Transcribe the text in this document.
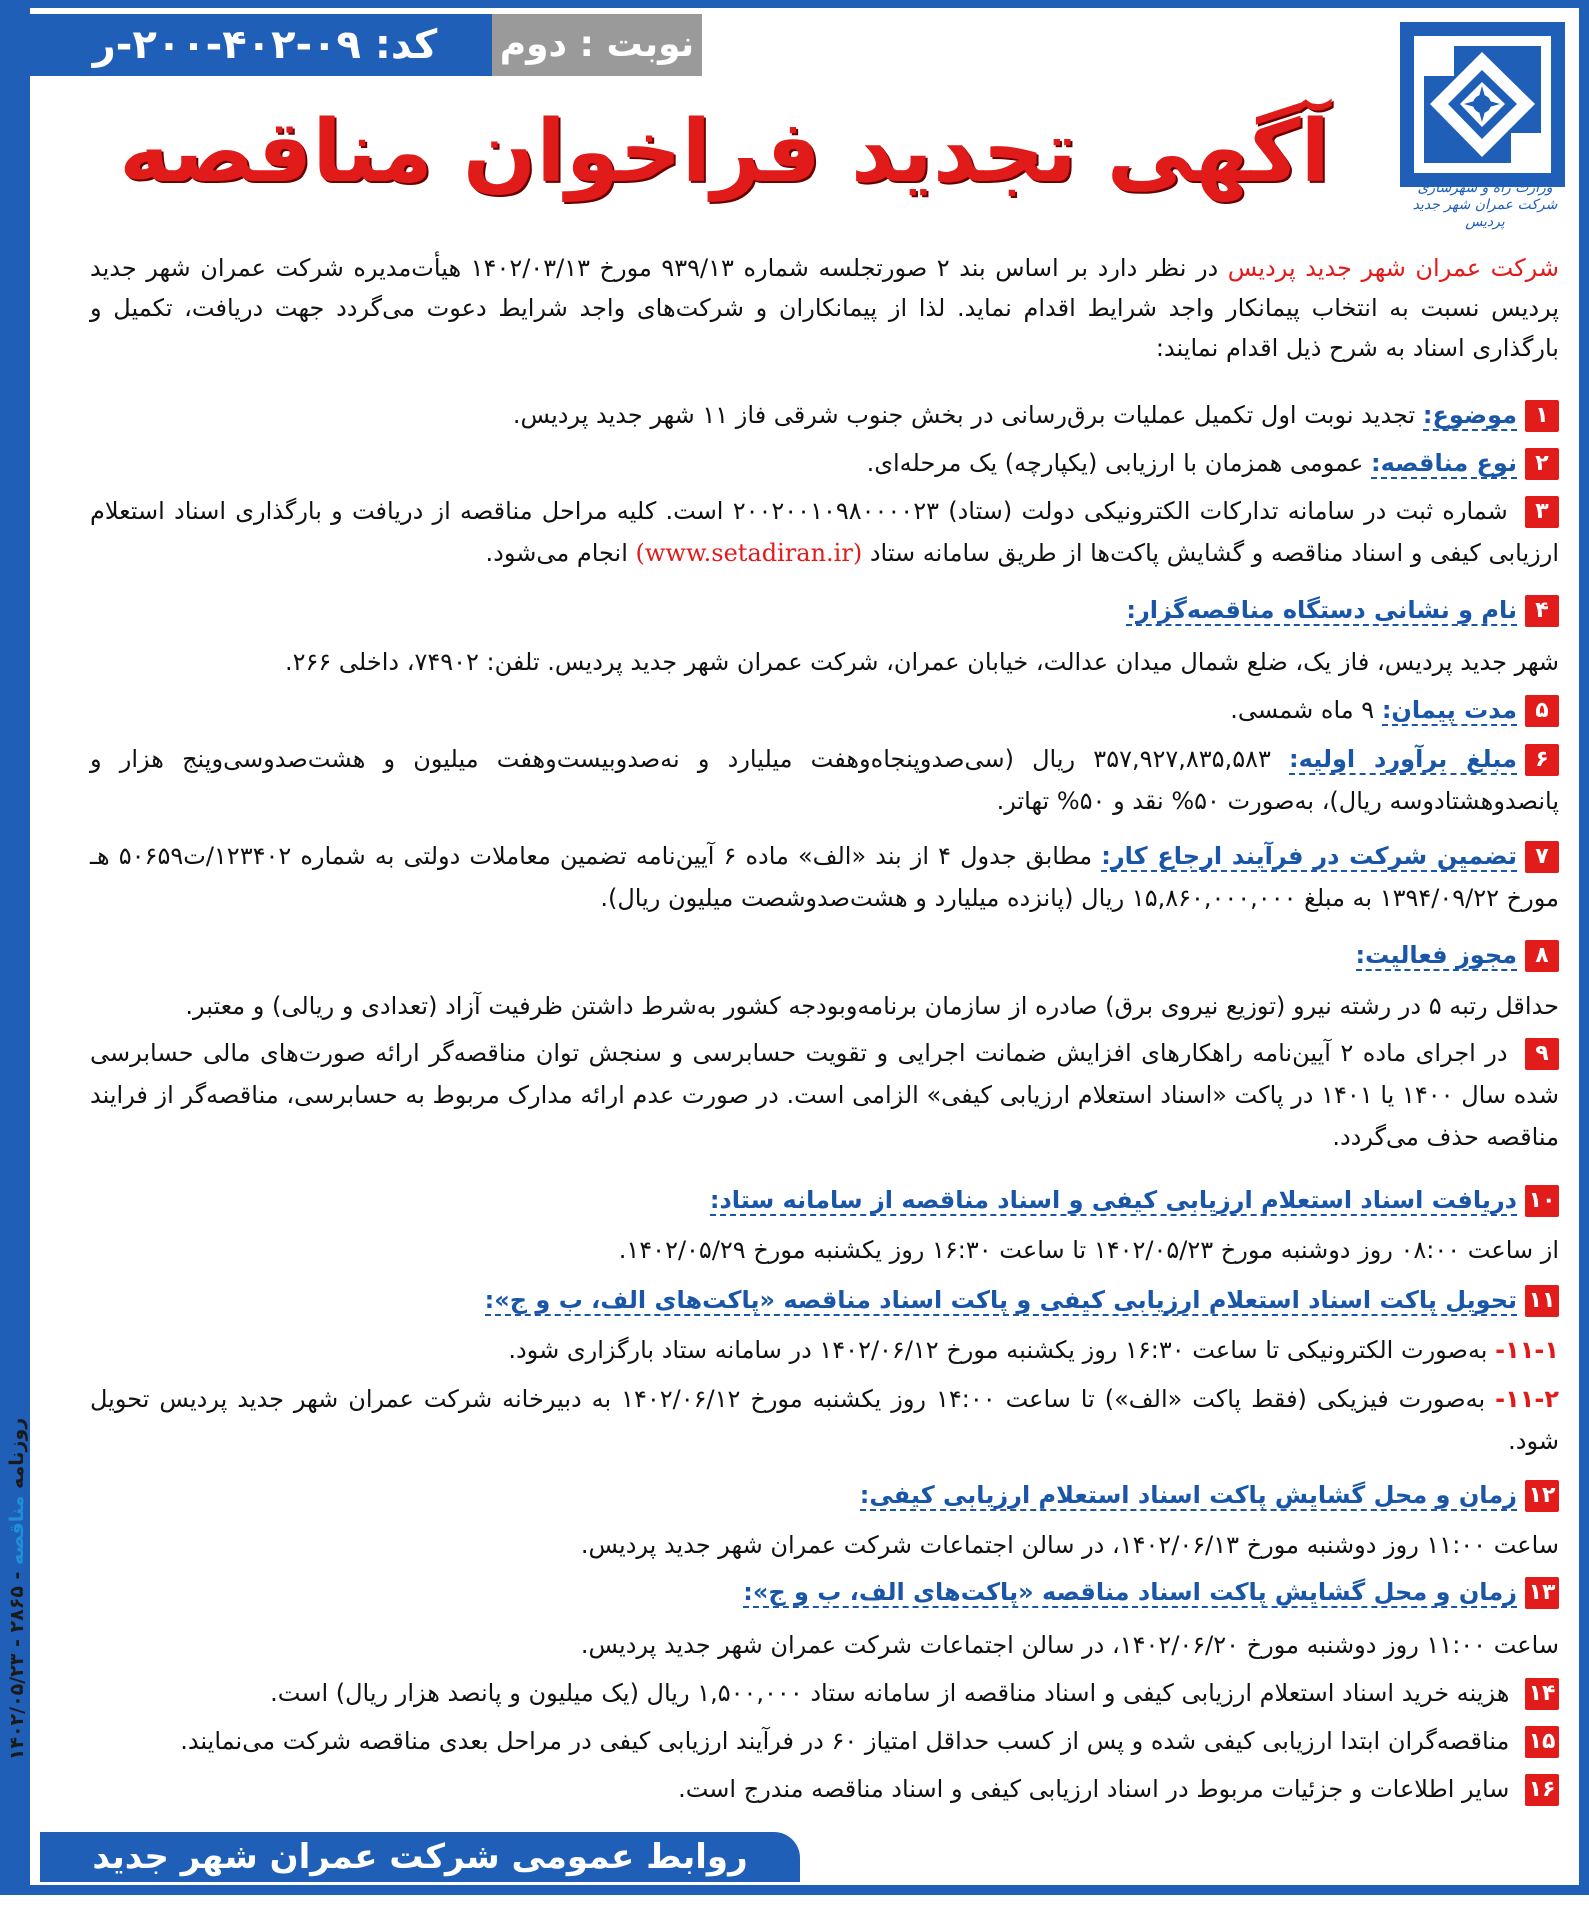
روزنامه مناقصه - ۲۸۶۵ - ۱۴۰۲/۰۵/۲۳
کد: ۰۹-۴۰۲-۲۰۰-ر	نوبت : دوم
وزارت راه و شهرسازی
شرکت عمران شهر جدید پردیس
آگهی تجدید فراخوان مناقصه
شرکت عمران شهر جدید پردیس در نظر دارد بر اساس بند ۲ صورتجلسه شماره ۹۳۹/۱۳ مورخ ۱۴۰۲/۰۳/۱۳ هیأت‌مدیره شرکت عمران شهر جدید پردیس نسبت به انتخاب پیمانکار واجد شرایط اقدام نماید. لذا از پیمانکاران و شرکت‌های واجد شرایط دعوت می‌گردد جهت دریافت، تکمیل و بارگذاری اسناد به شرح ذیل اقدام نمایند:
۱موضوع: تجدید نوبت اول تکمیل عملیات برق‌رسانی در بخش جنوب شرقی فاز ۱۱ شهر جدید پردیس.
۲نوع مناقصه: عمومی همزمان با ارزیابی (یکپارچه) یک مرحله‌ای.
۳ شماره ثبت در سامانه تدارکات الکترونیکی دولت (ستاد) ۲۰۰۲۰۰۱۰۹۸۰۰۰۰۲۳ است. کلیه مراحل مناقصه از دریافت و بارگذاری اسناد استعلام ارزیابی کیفی و اسناد مناقصه و گشایش پاکت‌ها از طریق سامانه ستاد (www.setadiran.ir) انجام می‌شود.
۴نام و نشانی دستگاه مناقصه‌گزار:
شهر جدید پردیس، فاز یک، ضلع شمال میدان عدالت، خیابان عمران، شرکت عمران شهر جدید پردیس. تلفن: ۷۴۹۰۲، داخلی ۲۶۶.
۵مدت پیمان: ۹ ماه شمسی.
۶مبلغ برآورد اولیه: ۳۵۷,۹۲۷,۸۳۵,۵۸۳ ریال (سی‌صدوپنجاه‌وهفت میلیارد و نه‌صدوبیست‌وهفت میلیون و هشت‌صدوسی‌وپنج هزار و پانصدوهشتادوسه ریال)، به‌صورت ۵۰% نقد و ۵۰% تهاتر.
۷تضمین شرکت در فرآیند ارجاع کار: مطابق جدول ۴ از بند «الف» ماده ۶ آیین‌نامه تضمین معاملات دولتی به شماره ۱۲۳۴۰۲/ت۵۰۶۵۹ هـ مورخ ۱۳۹۴/۰۹/۲۲ به مبلغ ۱۵,۸۶۰,۰۰۰,۰۰۰ ریال (پانزده میلیارد و هشت‌صدوشصت میلیون ریال).
۸مجوز فعالیت:
حداقل رتبه ۵ در رشته نیرو (توزیع نیروی برق) صادره از سازمان برنامه‌وبودجه کشور به‌شرط داشتن ظرفیت آزاد (تعدادی و ریالی) و معتبر.
۹ در اجرای ماده ۲ آیین‌نامه راهکارهای افزایش ضمانت اجرایی و تقویت حسابرسی و سنجش توان مناقصه‌گر ارائه صورت‌های مالی حسابرسی شده سال ۱۴۰۰ یا ۱۴۰۱ در پاکت «اسناد استعلام ارزیابی کیفی» الزامی است. در صورت عدم ارائه مدارک مربوط به حسابرسی، مناقصه‌گر از فرایند مناقصه حذف می‌گردد.
۱۰دریافت اسناد استعلام ارزیابی کیفی و اسناد مناقصه از سامانه ستاد:
از ساعت ۰۸:۰۰ روز دوشنبه مورخ ۱۴۰۲/۰۵/۲۳ تا ساعت ۱۶:۳۰ روز یکشنبه مورخ ۱۴۰۲/۰۵/۲۹.
۱۱تحویل پاکت اسناد استعلام ارزیابی کیفی و پاکت اسناد مناقصه «پاکت‌های الف، ب و ج»:
۱۱-۱- به‌صورت الکترونیکی تا ساعت ۱۶:۳۰ روز یکشنبه مورخ ۱۴۰۲/۰۶/۱۲ در سامانه ستاد بارگزاری شود.
۱۱-۲- به‌صورت فیزیکی (فقط پاکت «الف») تا ساعت ۱۴:۰۰ روز یکشنبه مورخ ۱۴۰۲/۰۶/۱۲ به دبیرخانه شرکت عمران شهر جدید پردیس تحویل شود.
۱۲زمان و محل گشایش پاکت اسناد استعلام ارزیابی کیفی:
ساعت ۱۱:۰۰ روز دوشنبه مورخ ۱۴۰۲/۰۶/۱۳، در سالن اجتماعات شرکت عمران شهر جدید پردیس.
۱۳زمان و محل گشایش پاکت اسناد مناقصه «پاکت‌های الف، ب و ج»:
ساعت ۱۱:۰۰ روز دوشنبه مورخ ۱۴۰۲/۰۶/۲۰، در سالن اجتماعات شرکت عمران شهر جدید پردیس.
۱۴ هزینه خرید اسناد استعلام ارزیابی کیفی و اسناد مناقصه از سامانه ستاد ۱,۵۰۰,۰۰۰ ریال (یک میلیون و پانصد هزار ریال) است.
۱۵ مناقصه‌گران ابتدا ارزیابی کیفی شده و پس از کسب حداقل امتیاز ۶۰ در فرآیند ارزیابی کیفی در مراحل بعدی مناقصه شرکت می‌نمایند.
۱۶ سایر اطلاعات و جزئیات مربوط در اسناد ارزیابی کیفی و اسناد مناقصه مندرج است.
روابط عمومی شرکت عمران شهر جدید پردیس
